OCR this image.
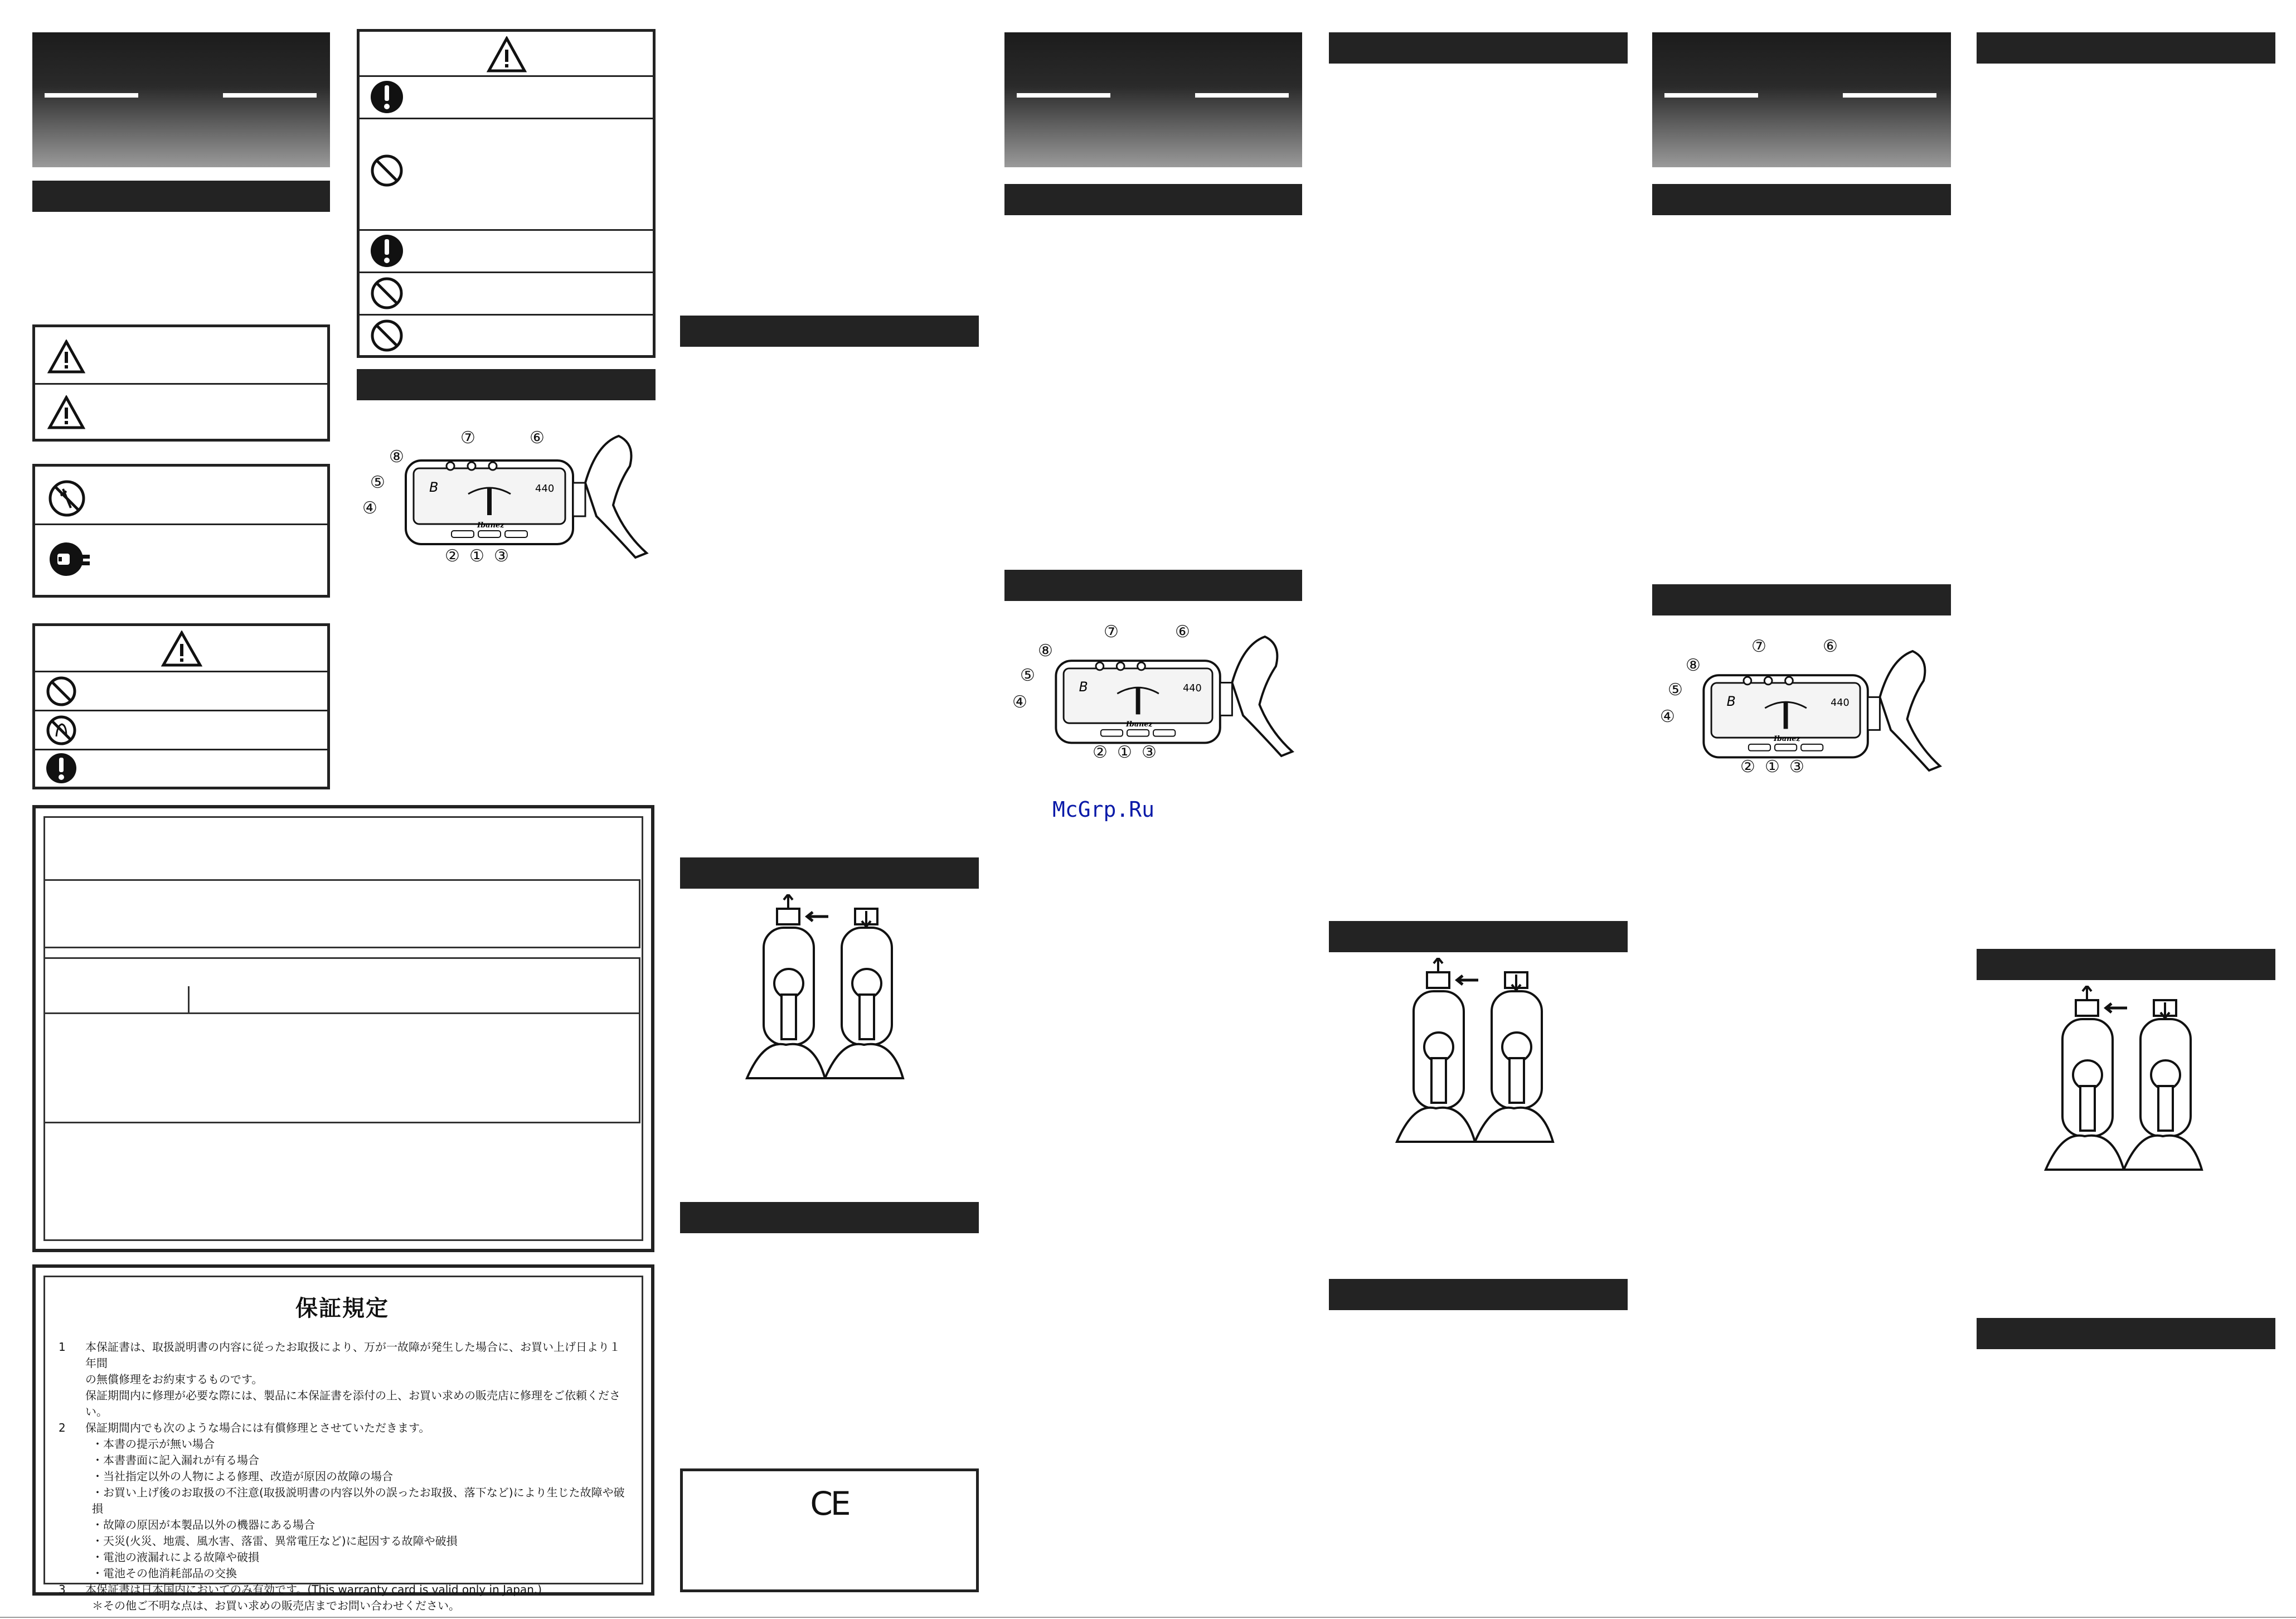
保証規定
1	本保証書は、取扱説明書の内容に従ったお取扱により、万が一故障が発生した場合に、お買い上げ日より１年間
の無償修理をお約束するものです。
保証期間内に修理が必要な際には、製品に本保証書を添付の上、お買い求めの販売店に修理をご依頼ください。
2	保証期間内でも次のような場合には有償修理とさせていただきます。
・本書の提示が無い場合
・本書書面に記入漏れが有る場合
・当社指定以外の人物による修理、改造が原因の故障の場合
・お買い上げ後のお取扱の不注意(取扱説明書の内容以外の誤ったお取扱、落下など)により生じた故障や破損
・故障の原因が本製品以外の機器にある場合
・天災(火災、地震、風水害、落雷、異常電圧など)に起因する故障や破損
・電池の液漏れによる故障や破損
・電池その他消耗部品の交換
3	本保証書は日本国内においてのみ有効です。(This warranty card is valid only in Japan.)
＊その他ご不明な点は、お買い求めの販売店までお問い合わせください。
B	440
Ibanez
⑧
⑦	⑥
⑤
④
② ① ③
CE
B	440
Ibanez
⑧
⑦	⑥
⑤
④
② ① ③
McGrp.Ru
B	440
Ibanez
⑧
⑦	⑥
⑤
④
② ① ③
